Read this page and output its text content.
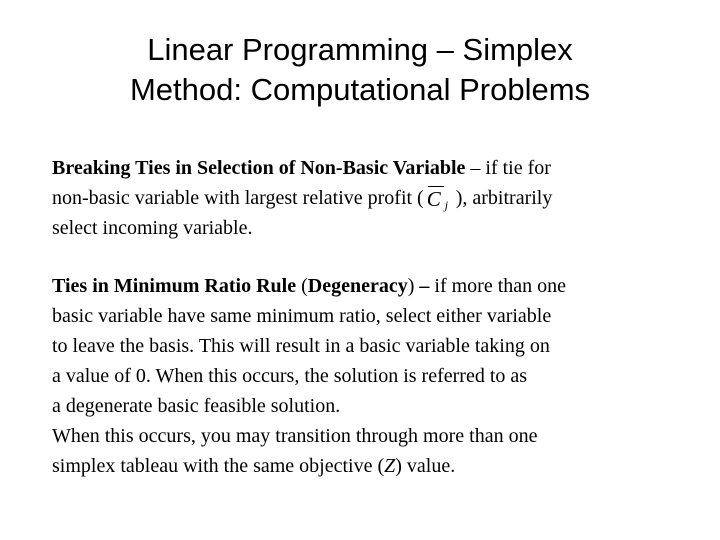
Linear Programming – Simplex
Method: Computational Problems
Breaking Ties in Selection of Non-Basic Variable – if tie for
non-basic variable with largest relative profit ( C j ), arbitrarily
select incoming variable.
Ties in Minimum Ratio Rule (Degeneracy) – if more than one
basic variable have same minimum ratio, select either variable
to leave the basis. This will result in a basic variable taking on
a value of 0. When this occurs, the solution is referred to as
a degenerate basic feasible solution.
When this occurs, you may transition through more than one
simplex tableau with the same objective (Z) value.
